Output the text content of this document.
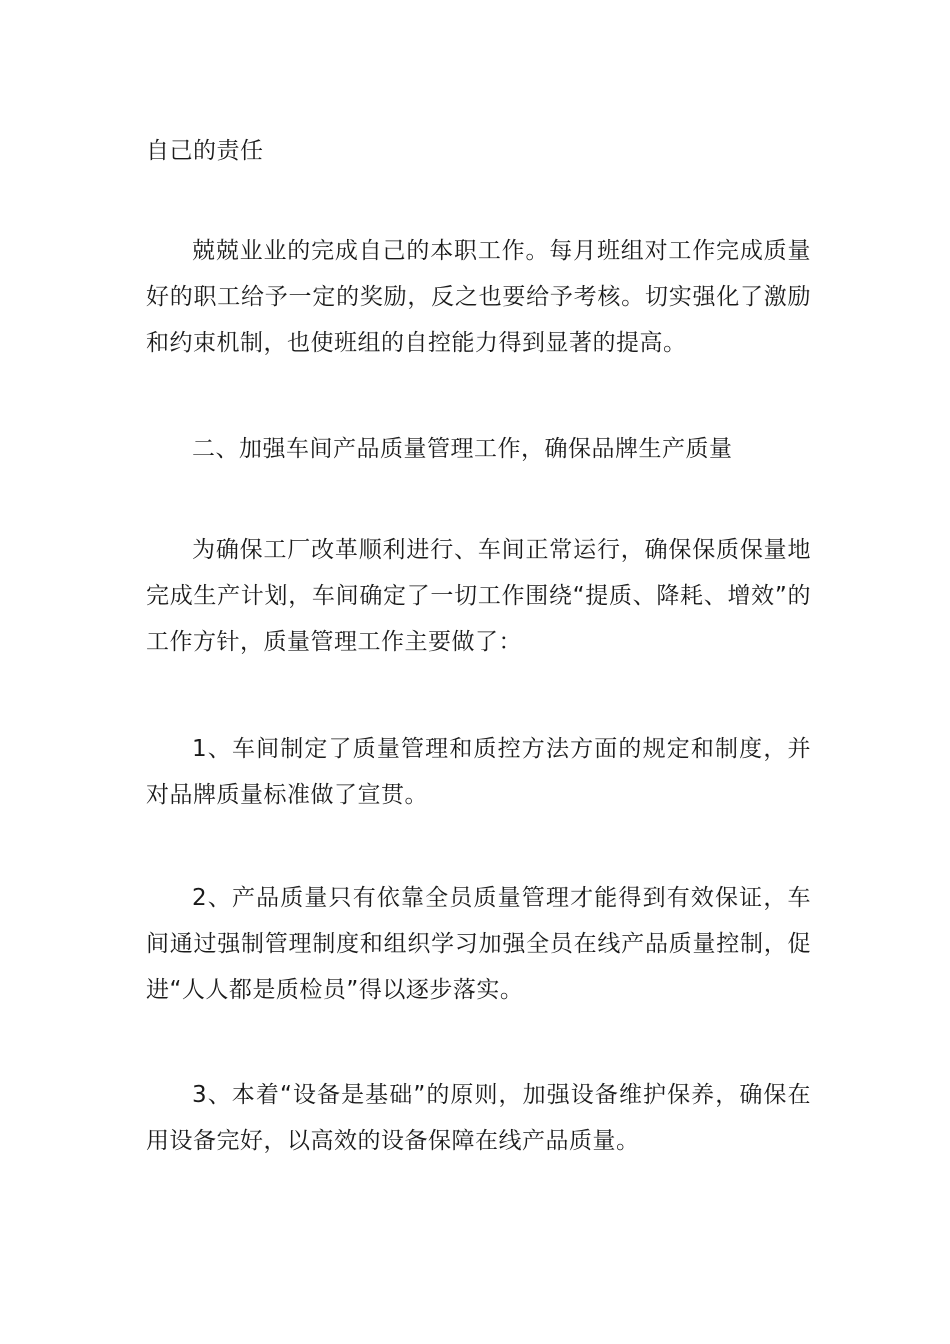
自己的责任

兢兢业业的完成自己的本职工作。每月班组对工作完成质量好的职工给予一定的奖励，反之也要给予考核。切实强化了激励和约束机制，也使班组的自控能力得到显著的提高。

二、加强车间产品质量管理工作，确保品牌生产质量

为确保工厂改革顺利进行、车间正常运行，确保保质保量地完成生产计划，车间确定了一切工作围绕“提质、降耗、增效”的工作方针，质量管理工作主要做了：

1、车间制定了质量管理和质控方法方面的规定和制度，并对品牌质量标准做了宣贯。

2、产品质量只有依靠全员质量管理才能得到有效保证，车间通过强制管理制度和组织学习加强全员在线产品质量控制，促进“人人都是质检员”得以逐步落实。

3、本着“设备是基础”的原则，加强设备维护保养，确保在用设备完好，以高效的设备保障在线产品质量。
